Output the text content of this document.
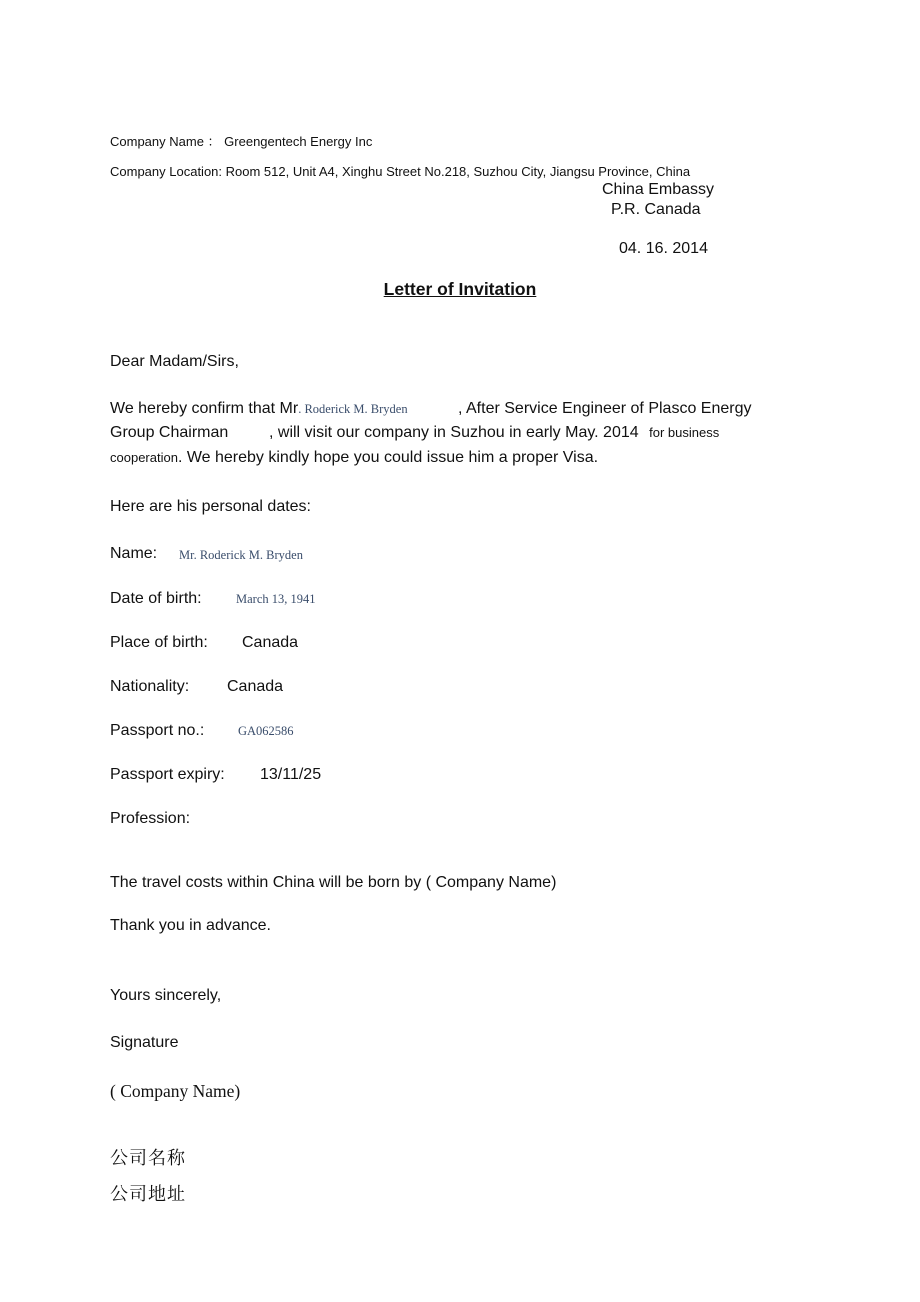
Company Name ： Greengentech Energy Inc
Company Location: Room 512, Unit A4, Xinghu Street No.218, Suzhou City, Jiangsu Province, China
China Embassy
P.R. Canada
04. 16. 2014
Letter of Invitation
Dear Madam/Sirs,
We hereby confirm that Mr. Roderick M. Bryden	, After Service Engineer of Plasco Energy
Group Chairman	, will visit our company in Suzhou in early May. 2014 for business
cooperation. We hereby kindly hope you could issue him a proper Visa.
Here are his personal dates:
Name: Mr. Roderick M. Bryden
Date of birth:	March 13, 1941
Place of birth: Canada
Nationality: Canada
Passport no.:	GA062586
Passport expiry: 13/11/25
Profession:
The travel costs within China will be born by ( Company Name)
Thank you in advance.
Yours sincerely,
Signature
( Company Name)
公司名称
公司地址
